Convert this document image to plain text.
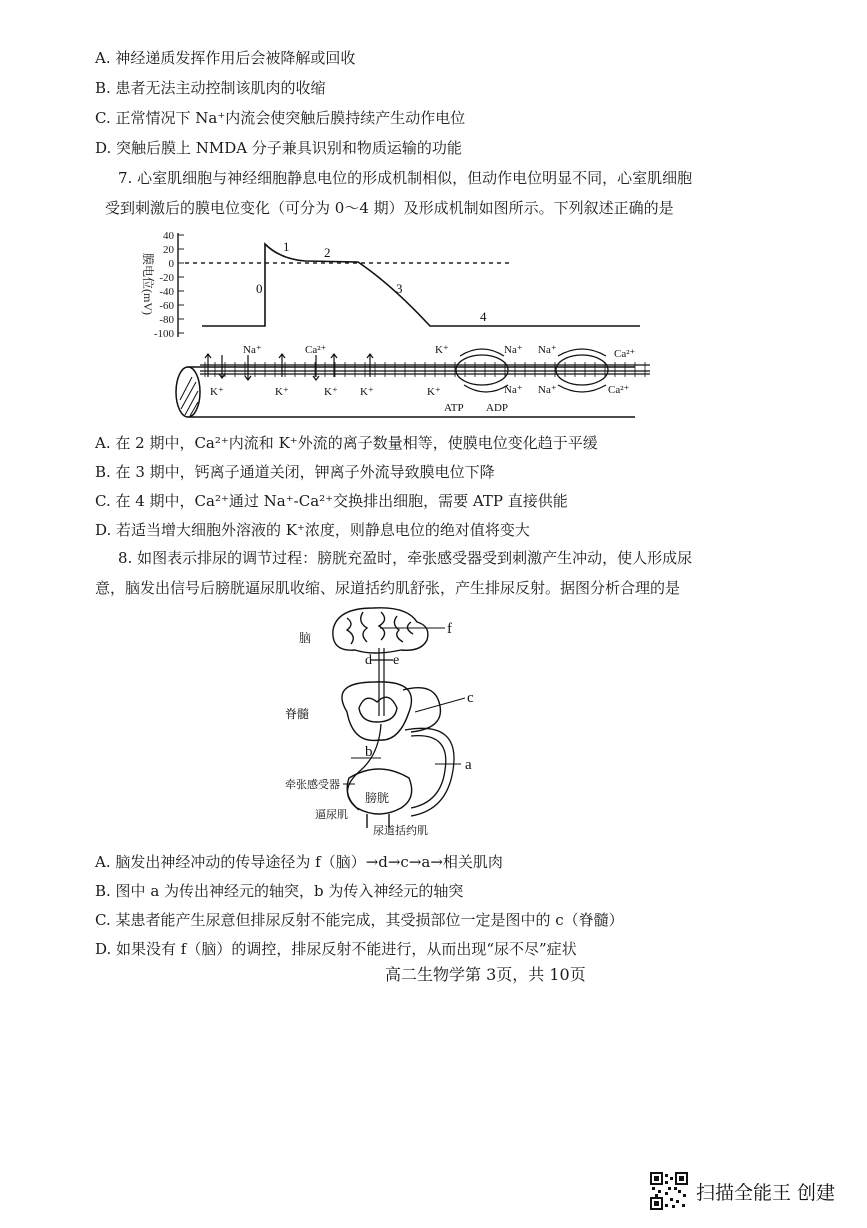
A. 神经递质发挥作用后会被降解或回收
B. 患者无法主动控制该肌肉的收缩
C. 正常情况下 Na⁺内流会使突触后膜持续产生动作电位
D. 突触后膜上 NMDA 分子兼具识别和物质运输的功能
7. 心室肌细胞与神经细胞静息电位的形成机制相似，但动作电位明显不同，心室肌细胞
受到刺激后的膜电位变化（可分为 0～4 期）及形成机制如图所示。下列叙述正确的是
40
20
0
-20
-40
-60
-80
-100
膜电位(mV)	0
1	2
3
4
Na⁺	Ca²⁺
K⁺	K⁺	K⁺ K⁺
K⁺	Na⁺ Na⁺	Ca²⁺
K⁺	Na⁺ Na⁺	Ca²⁺
ATP ADP
A. 在 2 期中，Ca²⁺内流和 K⁺外流的离子数量相等，使膜电位变化趋于平缓
B. 在 3 期中，钙离子通道关闭，钾离子外流导致膜电位下降
C. 在 4 期中，Ca²⁺通过 Na⁺-Ca²⁺交换排出细胞，需要 ATP 直接供能
D. 若适当增大细胞外溶液的 K⁺浓度，则静息电位的绝对值将变大
8. 如图表示排尿的调节过程：膀胱充盈时，牵张感受器受到刺激产生冲动，使人形成尿
意，脑发出信号后膀胱逼尿肌收缩、尿道括约肌舒张，产生排尿反射。据图分析合理的是
脑
f
d e
脊髓
c
b
a
膀胱
牵张感受器
逼尿肌
尿道括约肌
A. 脑发出神经冲动的传导途径为 f（脑）→d→c→a→相关肌肉
B. 图中 a 为传出神经元的轴突，b 为传入神经元的轴突
C. 某患者能产生尿意但排尿反射不能完成，其受损部位一定是图中的 c（脊髓）
D. 如果没有 f（脑）的调控，排尿反射不能进行，从而出现“尿不尽”症状
高二生物学第 3页，共 10页
扫描全能王 创建
